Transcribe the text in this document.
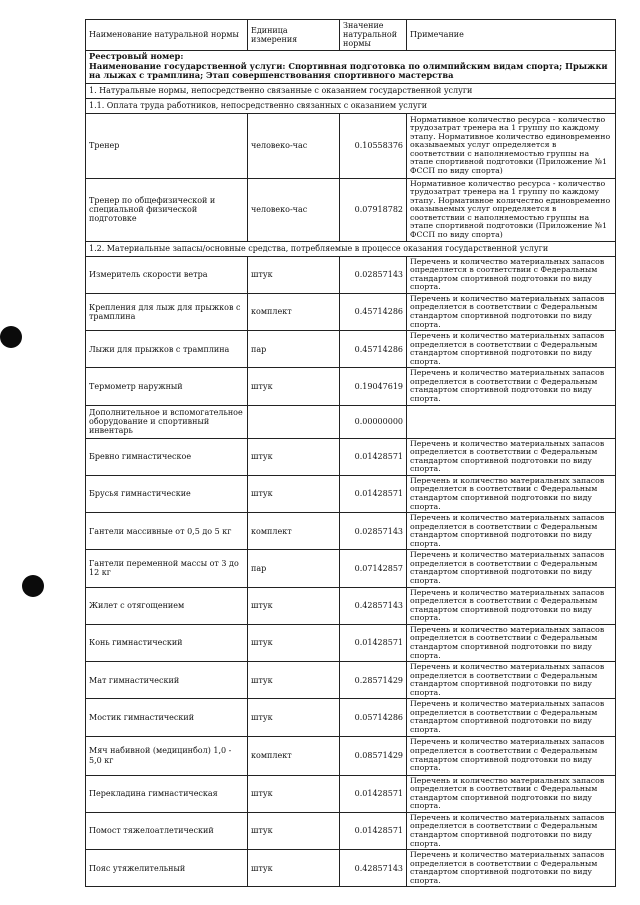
Наименование натуральной нормы	Единица измерения	Значение натуральной нормы	Примечание

Реестровый номер:
Наименование государственной услуги: Спортивная подготовка по олимпийским видам спорта; Прыжки на лыжах с трамплина; Этап совершенствования спортивного мастерства			

1. Натуральные нормы, непосредственно связанные с оказанием государственной услуги			
1.1. Оплата труда работников, непосредственно связанных с оказанием услуги			
Тренер	человеко-час	0.10558376	Нормативное количество ресурса - количество трудозатрат тренера на 1 группу по каждому этапу. Нормативное количество единовременно оказываемых услуг определяется в соответствии с наполняемостью группы на этапе спортивной подготовки (Приложение №1 ФССП по виду спорта)
Тренер по общефизической и специальной физической подготовке	человеко-час	0.07918782	Нормативное количество ресурса - количество трудозатрат тренера на 1 группу по каждому этапу. Нормативное количество единовременно оказываемых услуг определяется в соответствии с наполняемостью группы на этапе спортивной подготовки (Приложение №1 ФССП по виду спорта)
1.2. Материальные запасы/основные средства, потребляемые в процессе оказания государственной услуги			
Измеритель скорости ветра	штук	0.02857143	Перечень и количество материальных запасов определяется в соответствии с Федеральным стандартом спортивной подготовки по виду спорта.
Крепления для лыж для прыжков с трамплина	комплект	0.45714286	Перечень и количество материальных запасов определяется в соответствии с Федеральным стандартом спортивной подготовки по виду спорта.
Лыжи для прыжков с трамплина	пар	0.45714286	Перечень и количество материальных запасов определяется в соответствии с Федеральным стандартом спортивной подготовки по виду спорта.
Термометр наружный	штук	0.19047619	Перечень и количество материальных запасов определяется в соответствии с Федеральным стандартом спортивной подготовки по виду спорта.
Дополнительное и вспомогательное оборудование и спортивный инвентарь		0.00000000	
Бревно гимнастическое	штук	0.01428571	Перечень и количество материальных запасов определяется в соответствии с Федеральным стандартом спортивной подготовки по виду спорта.
Брусья гимнастические	штук	0.01428571	Перечень и количество материальных запасов определяется в соответствии с Федеральным стандартом спортивной подготовки по виду спорта.
Гантели массивные от 0,5 до 5 кг	комплект	0.02857143	Перечень и количество материальных запасов определяется в соответствии с Федеральным стандартом спортивной подготовки по виду спорта.
Гантели переменной массы от 3 до 12 кг	пар	0.07142857	Перечень и количество материальных запасов определяется в соответствии с Федеральным стандартом спортивной подготовки по виду спорта.
Жилет с отягощением	штук	0.42857143	Перечень и количество материальных запасов определяется в соответствии с Федеральным стандартом спортивной подготовки по виду спорта.
Конь гимнастический	штук	0.01428571	Перечень и количество материальных запасов определяется в соответствии с Федеральным стандартом спортивной подготовки по виду спорта.
Мат гимнастический	штук	0.28571429	Перечень и количество материальных запасов определяется в соответствии с Федеральным стандартом спортивной подготовки по виду спорта.
Мостик гимнастический	штук	0.05714286	Перечень и количество материальных запасов определяется в соответствии с Федеральным стандартом спортивной подготовки по виду спорта.
Мяч набивной (медицинбол) 1,0 - 5,0 кг	комплект	0.08571429	Перечень и количество материальных запасов определяется в соответствии с Федеральным стандартом спортивной подготовки по виду спорта.
Перекладина гимнастическая	штук	0.01428571	Перечень и количество материальных запасов определяется в соответствии с Федеральным стандартом спортивной подготовки по виду спорта.
Помост тяжелоатлетический	штук	0.01428571	Перечень и количество материальных запасов определяется в соответствии с Федеральным стандартом спортивной подготовки по виду спорта.
Пояс утяжелительный	штук	0.42857143	Перечень и количество материальных запасов определяется в соответствии с Федеральным стандартом спортивной подготовки по виду спорта.
